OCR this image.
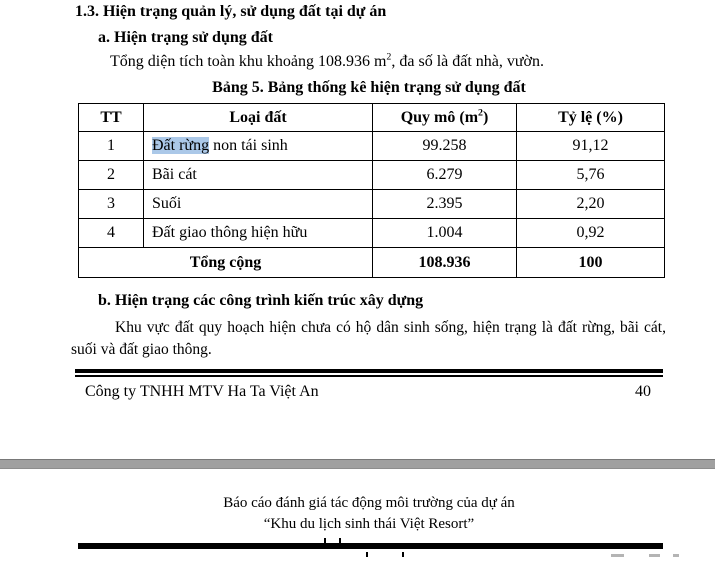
1.3. Hiện trạng quản lý, sử dụng đất tại dự án
a. Hiện trạng sử dụng đất
Tổng diện tích toàn khu khoảng 108.936 $m^2$, đa số là đất nhà, vườn.
Bảng 5. Bảng thống kê hiện trạng sử dụng đất
TT	Loại đất	Quy mô $(m^2)$	Tỷ lệ (%)
1	Đất rừng non tái sinh	99.258	91,12
2	Bãi cát	6.279	5,76
3	Suối	2.395	2,20
4	Đất giao thông hiện hữu	1.004	0,92
Tổng cộng		108.936	100
b. Hiện trạng các công trình kiến trúc xây dựng
Khu vực đất quy hoạch hiện chưa có hộ dân sinh sống, hiện trạng là đất rừng, bãi cát, suối và đất giao thông.
Công ty TNHH MTV Ha Ta Việt An	40
Báo cáo đánh giá tác động môi trường của dự án
“Khu du lịch sinh thái Việt Resort”
